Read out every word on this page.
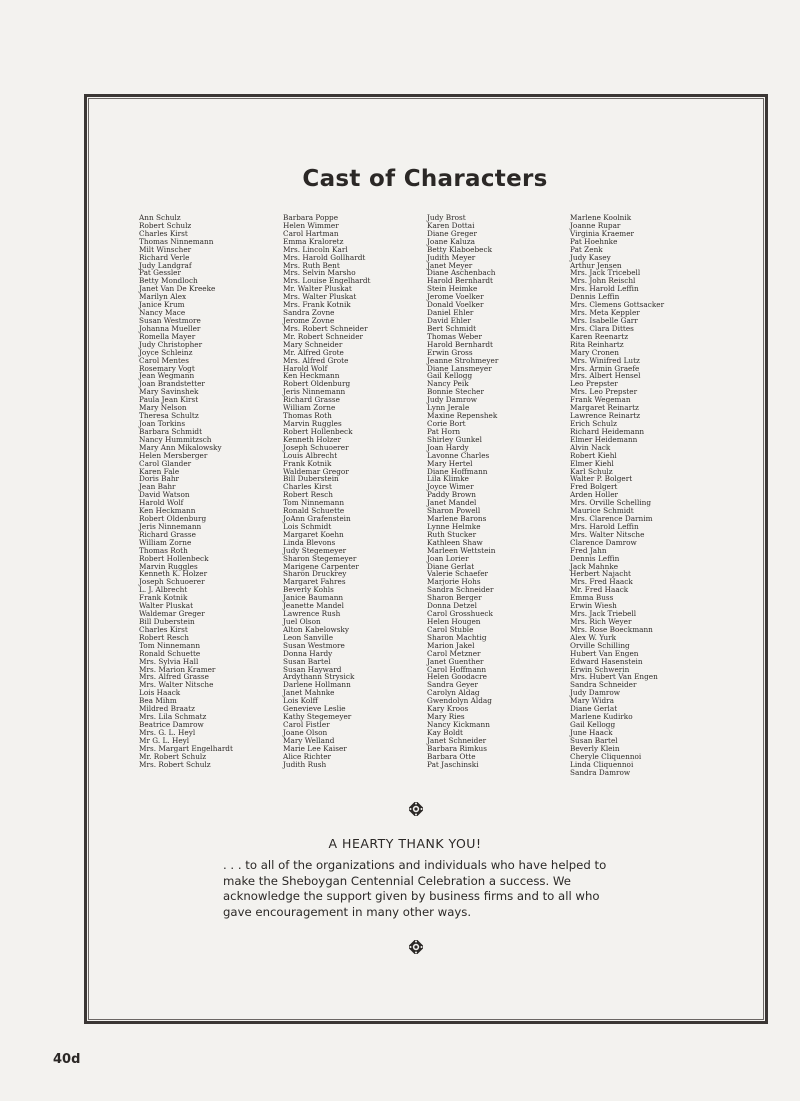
Cast of Characters
Ann Schulz
Robert Schulz
Charles Kirst
Thomas Ninnemann
Milt Winscher
Richard Verle
Judy Landgraf
Pat Gessler
Betty Mondloch
Janet Van De Kreeke
Marilyn Alex
Janice Krum
Nancy Mace
Susan Westmore
Johanna Mueller
Romella Mayer
Judy Christopher
Joyce Schleinz
Carol Mentes
Rosemary Vogt
Jean Wegmann
Joan Brandstetter
Mary Savinshek
Paula Jean Kirst
Mary Nelson
Theresa Schultz
Joan Torkins
Barbara Schmidt
Nancy Hummitzsch
Mary Ann Mikalowsky
Helen Mersberger
Carol Glander
Karen Fale
Doris Bahr
Jean Bahr
David Watson
Harold Wolf
Ken Heckmann
Robert Oldenburg
Jeris Ninnemann
Richard Grasse
William Zorne
Thomas Roth
Robert Hollenbeck
Marvin Ruggles
Kenneth K. Holzer
Joseph Schuoerer
L. J. Albrecht
Frank Kotnik
Walter Pluskat
Waldemar Greger
Bill Duberstein
Charles Kirst
Robert Resch
Tom Ninnemann
Ronald Schuette
Mrs. Sylvia Hall
Mrs. Marion Kramer
Mrs. Alfred Grasse
Mrs. Walter Nitsche
Lois Haack
Bea Mihm
Mildred Braatz
Mrs. Lila Schmatz
Beatrice Damrow
Mrs. G. L. Heyl
Mr G. L. Heyl
Mrs. Margart Engelhardt
Mr. Robert Schulz
Mrs. Robert Schulz
Barbara Poppe
Helen Wimmer
Carol Hartman
Emma Kraloretz
Mrs. Lincoln Karl
Mrs. Harold Gollhardt
Mrs. Ruth Bent
Mrs. Selvin Marsho
Mrs. Louise Engelhardt
Mr. Walter Pluskat
Mrs. Walter Pluskat
Mrs. Frank Kotnik
Sandra Zovne
Jerome Zovne
Mrs. Robert Schneider
Mr. Robert Schneider
Mary Schneider
Mr. Alfred Grote
Mrs. Alfred Grote
Harold Wolf
Ken Heckmann
Robert Oldenburg
Jeris Ninnemann
Richard Grasse
William Zorne
Thomas Roth
Marvin Ruggles
Robert Hollenbeck
Kenneth Holzer
Joseph Schuoerer
Louis Albrecht
Frank Kotnik
Waldemar Gregor
Bill Duberstein
Charles Kirst
Robert Resch
Tom Ninnemann
Ronald Schuette
JoAnn Grafenstein
Lois Schmidt
Margaret Koehn
Linda Blevons
Judy Stegemeyer
Sharon Stegemeyer
Marigene Carpenter
Sharon Druckrey
Margaret Fahres
Beverly Kohls
Janice Baumann
Jeanette Mandel
Lawrence Rush
Juel Olson
Alton Kabelowsky
Leon Sanville
Susan Westmore
Donna Hardy
Susan Bartel
Susan Hayward
Ardythann Strysick
Darlene Hollmann
Janet Mahnke
Lois Kolff
Genevieve Leslie
Kathy Stegemeyer
Carol Fistler
Joane Olson
Mary Welland
Marie Lee Kaiser
Alice Richter
Judith Rush
Judy Brost
Karen Dottai
Diane Greger
Joane Kaluza
Betty Klaboebeck
Judith Meyer
Janet Meyer
Diane Aschenbach
Harold Bernhardt
Stein Heimke
Jerome Voelker
Donald Voelker
Daniel Ehler
David Ehler
Bert Schmidt
Thomas Weber
Harold Bernhardt
Erwin Gross
Jeanne Strohmeyer
Diane Lansmeyer
Gail Kellogg
Nancy Peik
Bonnie Stecher
Judy Damrow
Lynn Jerale
Maxine Repenshek
Corie Bort
Pat Horn
Shirley Gunkel
Joan Hardy
Lavonne Charles
Mary Hertel
Diane Hoffmann
Lila Klimke
Joyce Wimer
Paddy Brown
Janet Mandel
Sharon Powell
Marlene Barons
Lynne Helmke
Ruth Stucker
Kathleen Shaw
Marleen Wettstein
Joan Lorier
Diane Gerlat
Valerie Schaefer
Marjorie Hohs
Sandra Schneider
Sharon Berger
Donna Detzel
Carol Grosshueck
Helen Hougen
Carol Stuble
Sharon Machtig
Marion Jakel
Carol Metzner
Janet Guenther
Carol Hoffmann
Helen Goodacre
Sandra Geyer
Carolyn Aldag
Gwendolyn Aldag
Kary Kroos
Mary Ries
Nancy Kickmann
Kay Boldt
Janet Schneider
Barbara Rimkus
Barbara Otte
Pat Jaschinski
Marlene Koolnik
Joanne Rupar
Virginia Kraemer
Pat Hoehnke
Pat Zenk
Judy Kasey
Arthur Jensen
Mrs. Jack Tricebell
Mrs. John Reischl
Mrs. Harold Leffin
Dennis Leffin
Mrs. Clemens Gottsacker
Mrs. Meta Keppler
Mrs. Isabelle Garr
Mrs. Clara Dittes
Karen Reenartz
Rita Reinhartz
Mary Cronen
Mrs. Winifred Lutz
Mrs. Armin Graefe
Mrs. Albert Hensel
Leo Prepster
Mrs. Leo Prepster
Frank Wegeman
Margaret Reinartz
Lawrence Reinartz
Erich Schulz
Richard Heidemann
Elmer Heidemann
Alvin Nack
Robert Kiehl
Elmer Kiehl
Karl Schulz
Walter P. Bolgert
Fred Bolgert
Arden Holler
Mrs. Orville Schelling
Maurice Schmidt
Mrs. Clarence Darnim
Mrs. Harold Leffin
Mrs. Walter Nitsche
Clarence Damrow
Fred Jahn
Dennis Leffin
Jack Mahnke
Herbert Najacht
Mrs. Fred Haack
Mr. Fred Haack
Emma Buss
Erwin Wiesh
Mrs. Jack Triebell
Mrs. Rich Weyer
Mrs. Rose Boeckmann
Alex W. Yurk
Orville Schilling
Hubert Van Engen
Edward Hasenstein
Erwin Schwerin
Mrs. Hubert Van Engen
Sandra Schneider
Judy Damrow
Mary Widra
Diane Gerlat
Marlene Kudirko
Gail Kellogg
June Haack
Susan Bartel
Beverly Klein
Cheryle Cliquennoi
Linda Cliquennoi
Sandra Damrow
A HEARTY THANK YOU!
. . . to all of the organizations and individuals who have helped to make the Sheboygan Centennial Celebration a success. We acknowledge the support given by business firms and to all who gave encouragement in many other ways.
40d
